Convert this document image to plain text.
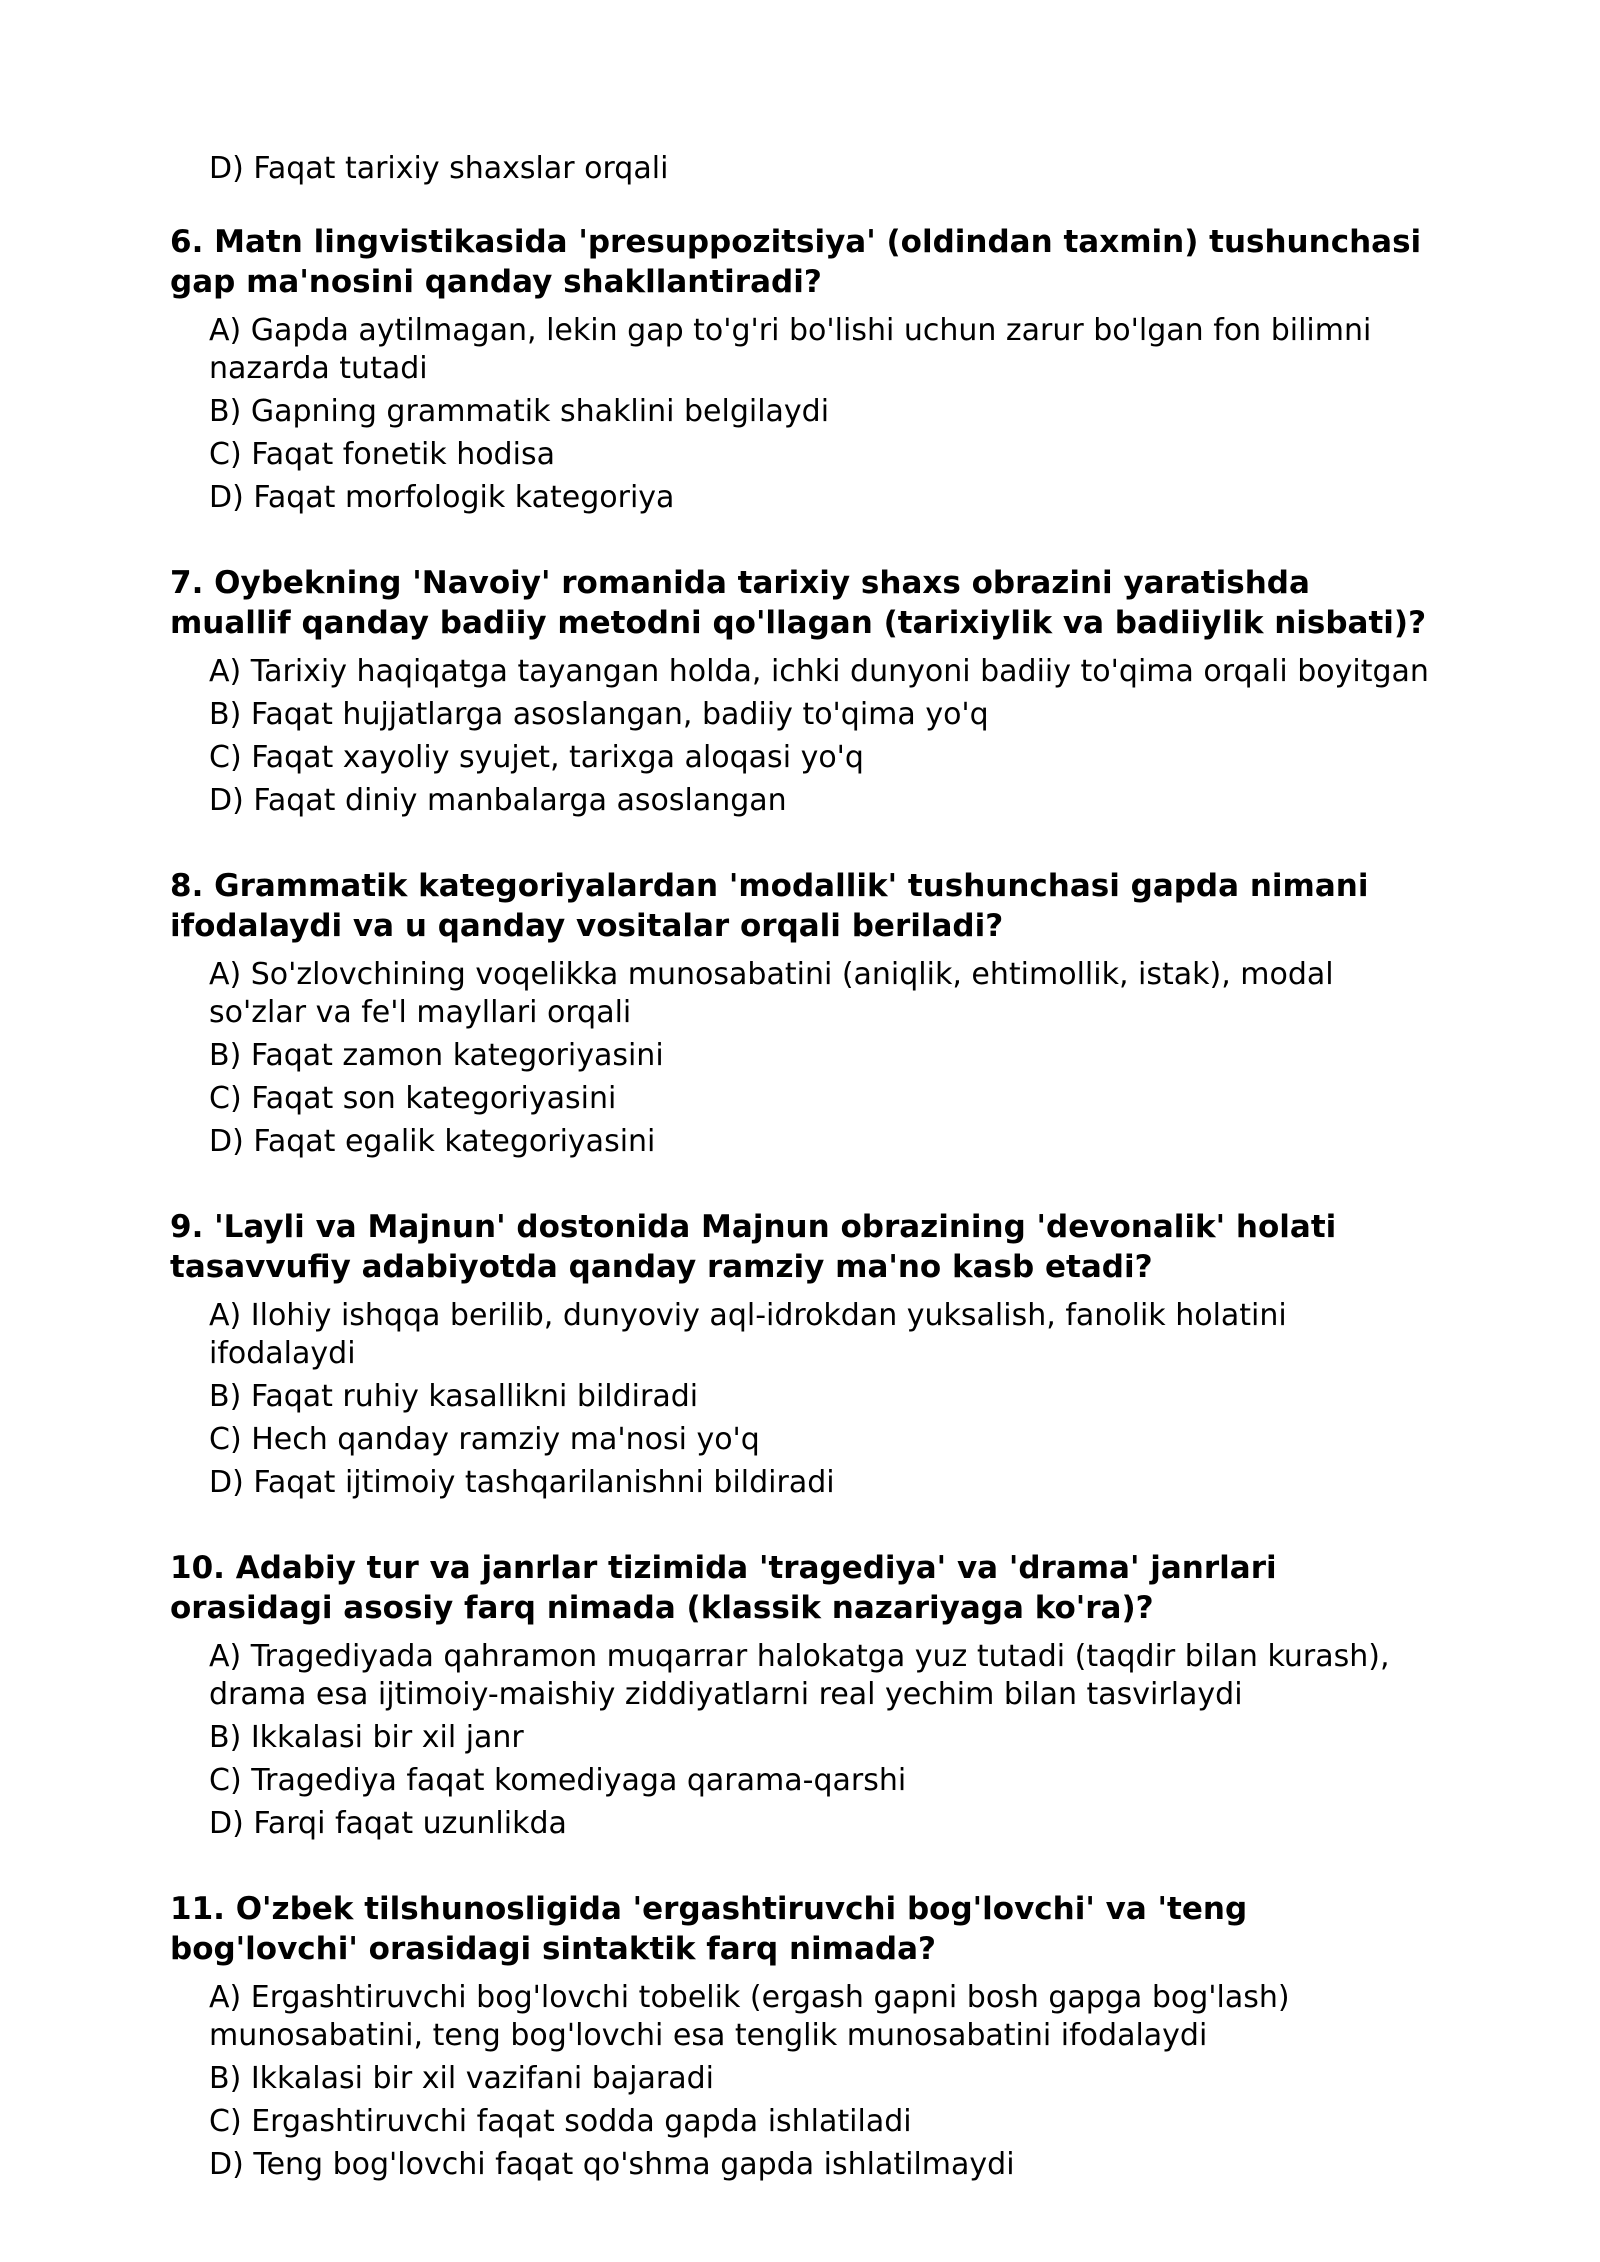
D) Faqat tarixiy shaxslar orqali
6. Matn lingvistikasida 'presuppozitsiya' (oldindan taxmin) tushunchasi gap ma'nosini qanday shakllantiradi?
A) Gapda aytilmagan, lekin gap to'g'ri bo'lishi uchun zarur bo'lgan fon bilimni nazarda tutadi
B) Gapning grammatik shaklini belgilaydi
C) Faqat fonetik hodisa
D) Faqat morfologik kategoriya
7. Oybekning 'Navoiy' romanida tarixiy shaxs obrazini yaratishda muallif qanday badiiy metodni qo'llagan (tarixiylik va badiiylik nisbati)?
A) Tarixiy haqiqatga tayangan holda, ichki dunyoni badiiy to'qima orqali boyitgan
B) Faqat hujjatlarga asoslangan, badiiy to'qima yo'q
C) Faqat xayoliy syujet, tarixga aloqasi yo'q
D) Faqat diniy manbalarga asoslangan
8. Grammatik kategoriyalardan 'modallik' tushunchasi gapda nimani ifodalaydi va u qanday vositalar orqali beriladi?
A) So'zlovchining voqelikka munosabatini (aniqlik, ehtimollik, istak), modal so'zlar va fe'l mayllari orqali
B) Faqat zamon kategoriyasini
C) Faqat son kategoriyasini
D) Faqat egalik kategoriyasini
9. 'Layli va Majnun' dostonida Majnun obrazining 'devonalik' holati tasavvufiy adabiyotda qanday ramziy ma'no kasb etadi?
A) Ilohiy ishqqa berilib, dunyoviy aql-idrokdan yuksalish, fanolik holatini ifodalaydi
B) Faqat ruhiy kasallikni bildiradi
C) Hech qanday ramziy ma'nosi yo'q
D) Faqat ijtimoiy tashqarilanishni bildiradi
10. Adabiy tur va janrlar tizimida 'tragediya' va 'drama' janrlari orasidagi asosiy farq nimada (klassik nazariyaga ko'ra)?
A) Tragediyada qahramon muqarrar halokatga yuz tutadi (taqdir bilan kurash), drama esa ijtimoiy-maishiy ziddiyatlarni real yechim bilan tasvirlaydi
B) Ikkalasi bir xil janr
C) Tragediya faqat komediyaga qarama-qarshi
D) Farqi faqat uzunlikda
11. O'zbek tilshunosligida 'ergashtiruvchi bog'lovchi' va 'teng bog'lovchi' orasidagi sintaktik farq nimada?
A) Ergashtiruvchi bog'lovchi tobelik (ergash gapni bosh gapga bog'lash) munosabatini, teng bog'lovchi esa tenglik munosabatini ifodalaydi
B) Ikkalasi bir xil vazifani bajaradi
C) Ergashtiruvchi faqat sodda gapda ishlatiladi
D) Teng bog'lovchi faqat qo'shma gapda ishlatilmaydi
